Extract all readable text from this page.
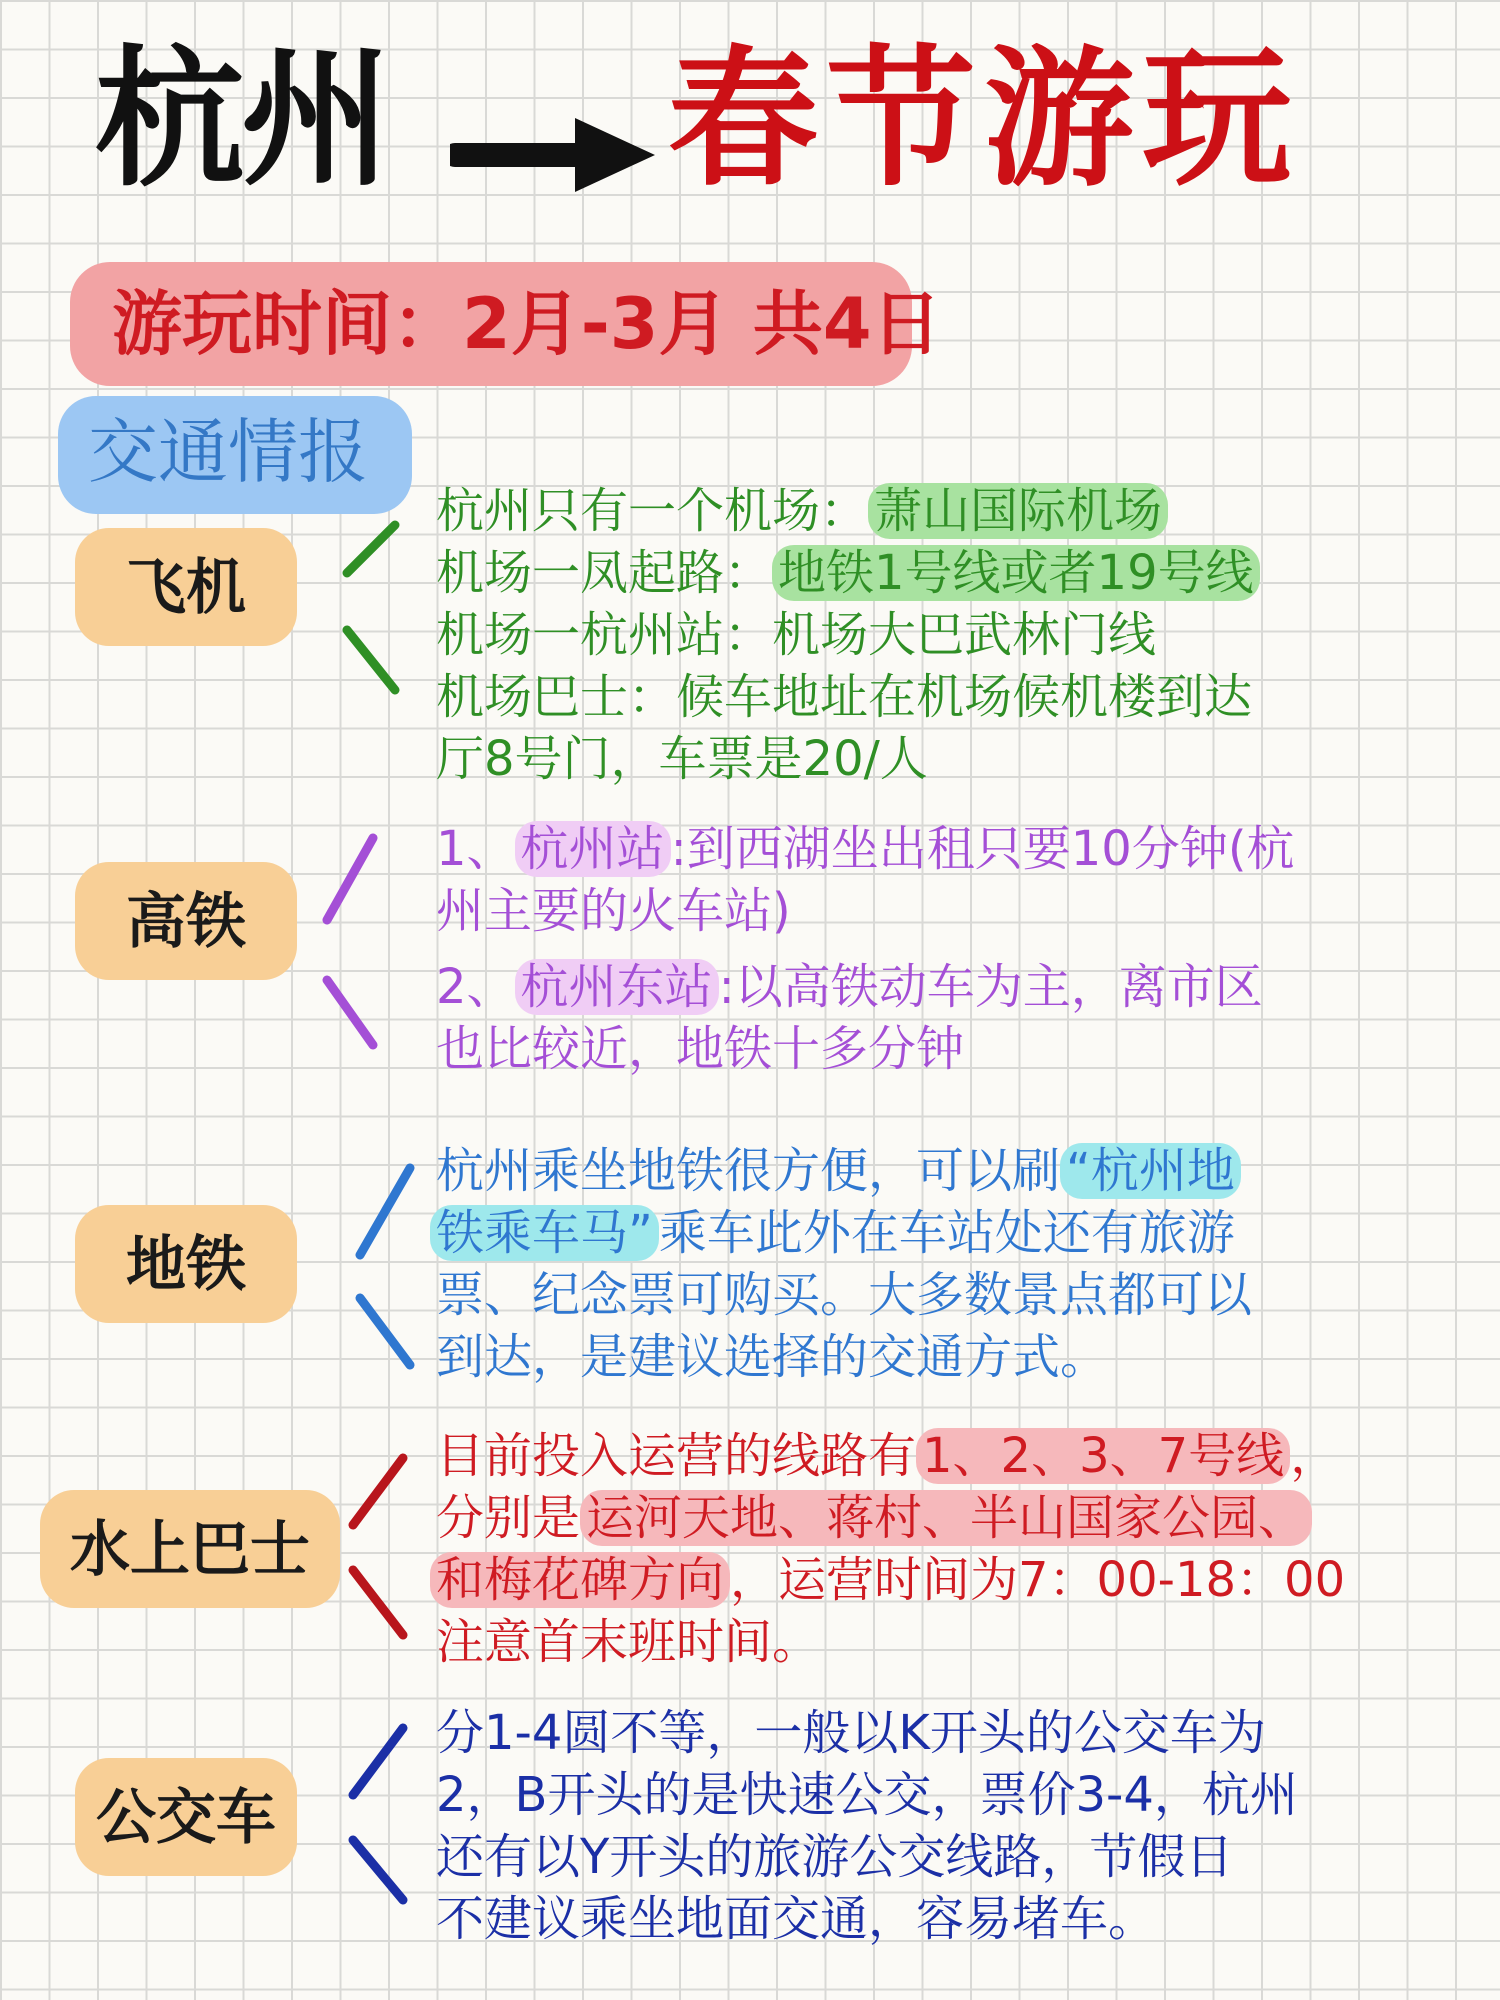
杭州 春节游玩
游玩时间：2月-3月 共4日
交通情报
飞机
杭州只有一个机场： 萧山国际机场
机场一凤起路： 地铁1号线或者19号线
机场一杭州站：机场大巴武林门线
机场巴士：候车地址在机场候机楼到达
厅8号门，车票是20/人
高铁
1、 杭州站 :到西湖坐出租只要10分钟(杭
州主要的火车站)
2、 杭州东站 :以高铁动车为主，离市区
也比较近，地铁十多分钟
地铁
杭州乘坐地铁很方便，可以刷 “杭州地
铁乘车马” 乘车此外在车站处还有旅游
票、纪念票可购买。大多数景点都可以
到达，是建议选择的交通方式。
水上巴士
目前投入运营的线路有 1、2、3、7号线 ，
分别是 运河天地、蒋村、半山国家公园、
和梅花碑方向 ，运营时间为7：00-18：00
注意首末班时间。
公交车
分1-4圆不等，一般以K开头的公交车为
2，B开头的是快速公交，票价3-4，杭州
还有以Y开头的旅游公交线路，节假日
不建议乘坐地面交通，容易堵车。
